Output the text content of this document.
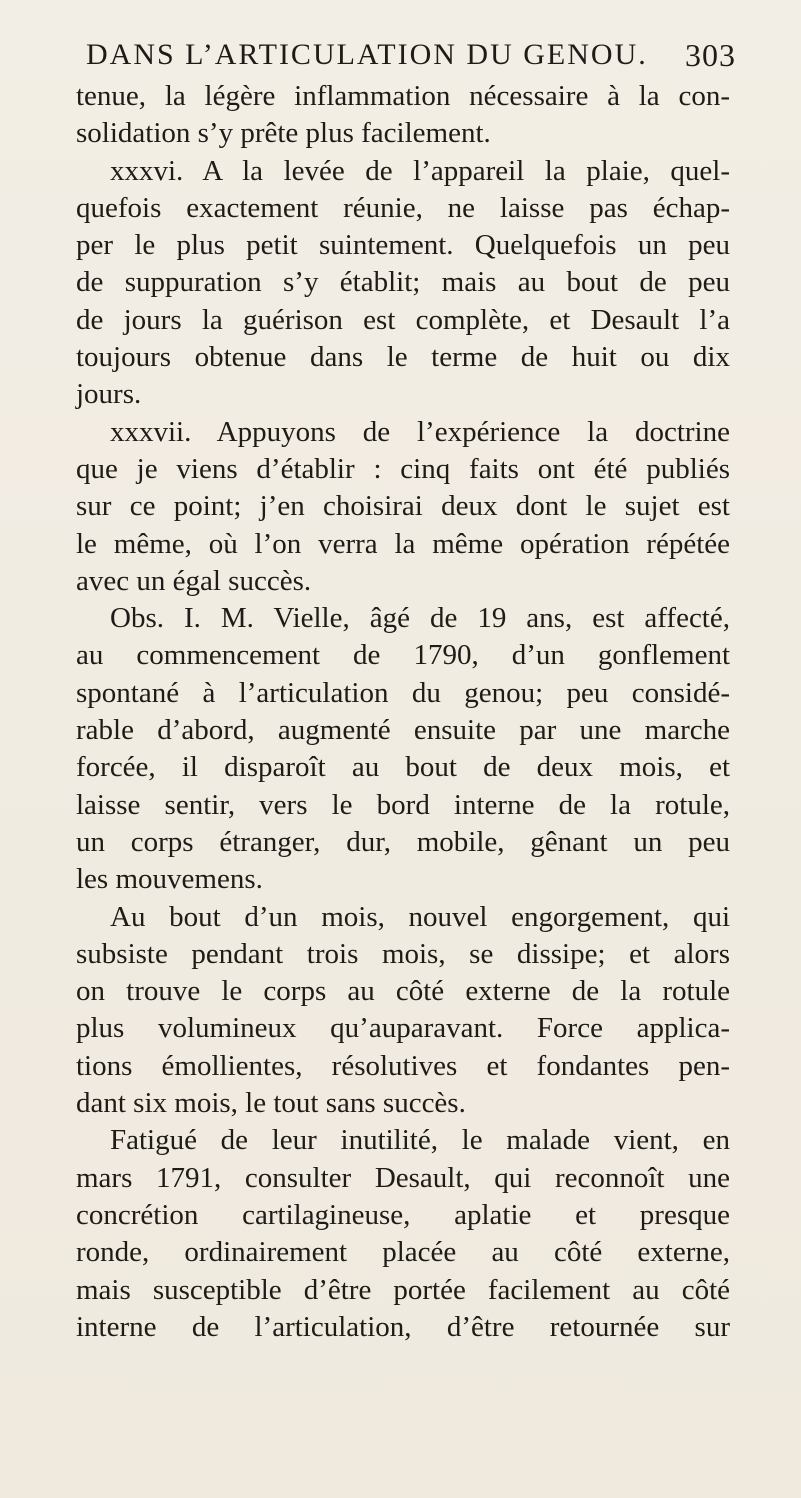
DANS L’ARTICULATION DU GENOU. 303
tenue, la légère inflammation nécessaire à la con-
solidation s’y prête plus facilement.
xxxvi. A la levée de l’appareil la plaie, quel-
quefois exactement réunie, ne laisse pas échap-
per le plus petit suintement. Quelquefois un peu
de suppuration s’y établit; mais au bout de peu
de jours la guérison est complète, et Desault l’a
toujours obtenue dans le terme de huit ou dix
jours.
xxxvii. Appuyons de l’expérience la doctrine
que je viens d’établir : cinq faits ont été publiés
sur ce point; j’en choisirai deux dont le sujet est
le même, où l’on verra la même opération répétée
avec un égal succès.
Obs. I. M. Vielle, âgé de 19 ans, est affecté,
au commencement de 1790, d’un gonflement
spontané à l’articulation du genou; peu considé-
rable d’abord, augmenté ensuite par une marche
forcée, il disparoît au bout de deux mois, et
laisse sentir, vers le bord interne de la rotule,
un corps étranger, dur, mobile, gênant un peu
les mouvemens.
Au bout d’un mois, nouvel engorgement, qui
subsiste pendant trois mois, se dissipe; et alors
on trouve le corps au côté externe de la rotule
plus volumineux qu’auparavant. Force applica-
tions émollientes, résolutives et fondantes pen-
dant six mois, le tout sans succès.
Fatigué de leur inutilité, le malade vient, en
mars 1791, consulter Desault, qui reconnoît une
concrétion cartilagineuse, aplatie et presque
ronde, ordinairement placée au côté externe,
mais susceptible d’être portée facilement au côté
interne de l’articulation, d’être retournée sur
